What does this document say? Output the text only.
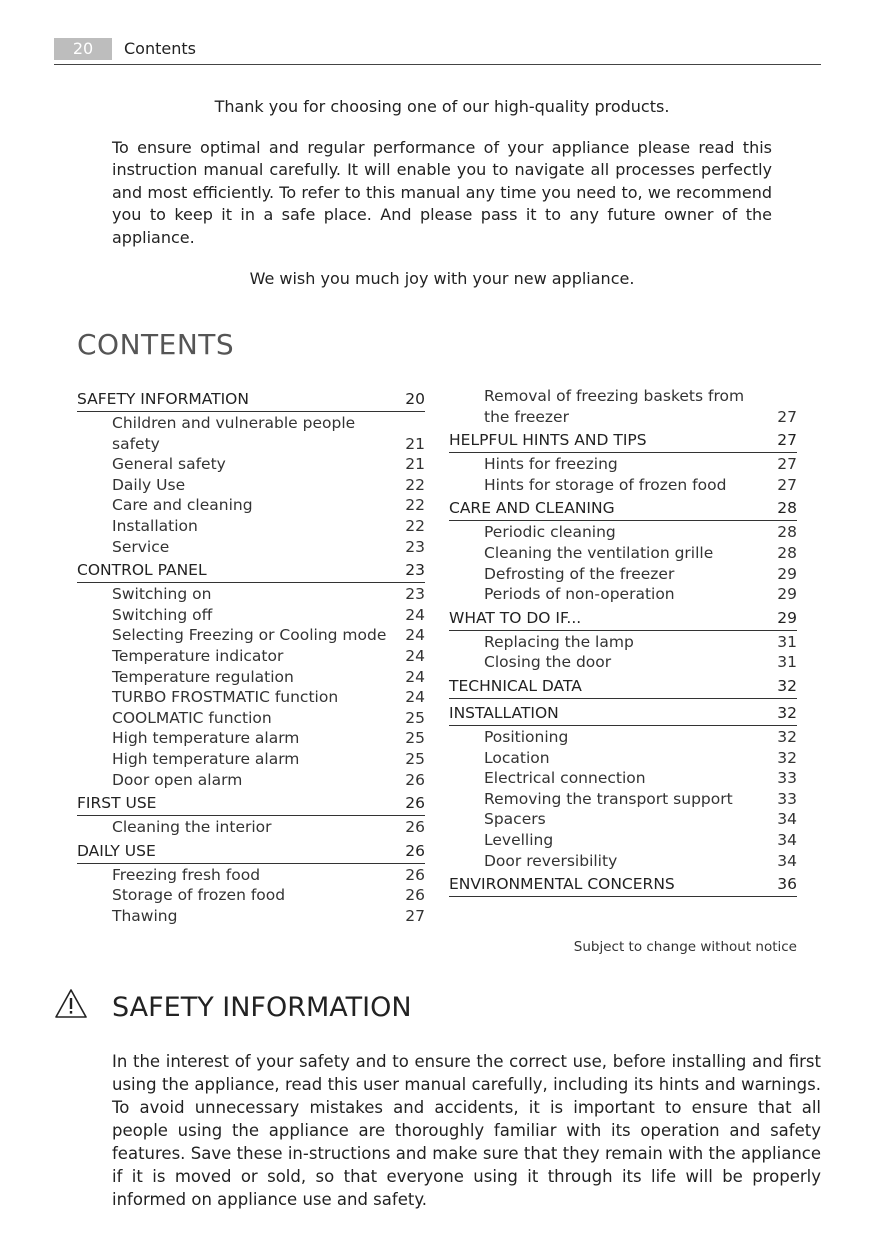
20	Contents

Thank you for choosing one of our high-quality products.

To ensure optimal and regular performance of your appliance please read this instruction manual carefully. It will enable you to navigate all processes perfectly and most efficiently. To refer to this manual any time you need to, we recommend you to keep it in a safe place. And please pass it to any future owner of the appliance.

We wish you much joy with your new appliance.

CONTENTS
SAFETY INFORMATION	20
Children and vulnerable people safety	21
General safety	21
Daily Use	22
Care and cleaning	22
Installation	22
Service	23
CONTROL PANEL	23
Switching on	23
Switching off	24
Selecting Freezing or Cooling mode	24
Temperature indicator	24
Temperature regulation	24
TURBO FROSTMATIC function	24
COOLMATIC function	25
High temperature alarm	25
High temperature alarm	25
Door open alarm	26
FIRST USE	26
Cleaning the interior	26
DAILY USE	26
Freezing fresh food	26
Storage of frozen food	26
Thawing	27
Removal of freezing baskets from the freezer	27
HELPFUL HINTS AND TIPS	27
Hints for freezing	27
Hints for storage of frozen food	27
CARE AND CLEANING	28
Periodic cleaning	28
Cleaning the ventilation grille	28
Defrosting of the freezer	29
Periods of non-operation	29
WHAT TO DO IF...	29
Replacing the lamp	31
Closing the door	31
TECHNICAL DATA	32
INSTALLATION	32
Positioning	32
Location	32
Electrical connection	33
Removing the transport support	33
Spacers	34
Levelling	34
Door reversibility	34
ENVIRONMENTAL CONCERNS	36
Subject to change without notice
SAFETY INFORMATION

In the interest of your safety and to ensure the correct use, before installing and first using the appliance, read this user manual carefully, including its hints and warnings. To avoid unnecessary mistakes and accidents, it is important to ensure that all people using the appliance are thoroughly familiar with its operation and safety features. Save these in-structions and make sure that they remain with the appliance if it is moved or sold, so that everyone using it through its life will be properly informed on appliance use and safety.
